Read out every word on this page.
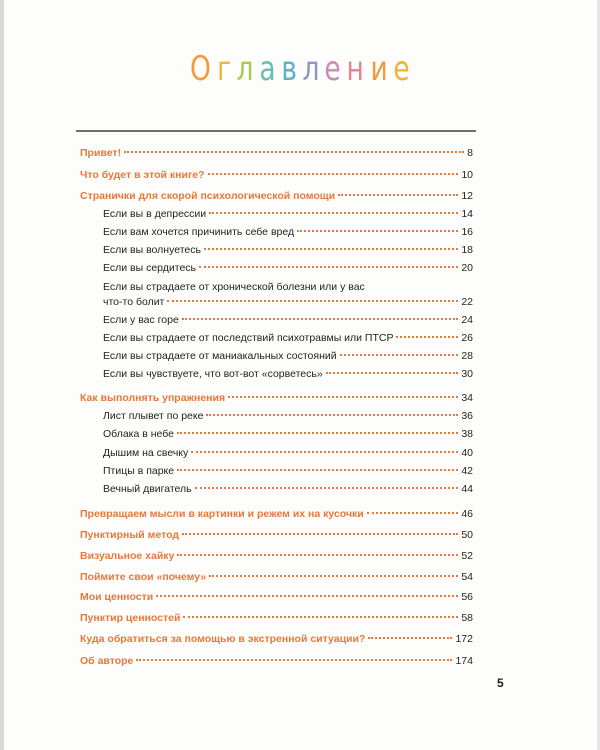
О г л а в л е н и е
Привет!	8
Что будет в этой книге?	10
Странички для скорой психологической помощи	12
Если вы в депрессии	14
Если вам хочется причинить себе вред	16
Если вы волнуетесь	18
Если вы сердитесь	20
Если вы страдаете от хронической болезни или у вас
что-то болит	22
Если у вас горе	24
Если вы страдаете от последствий психотравмы или ПТСР	26
Если вы страдаете от маниакальных состояний	28
Если вы чувствуете, что вот-вот «сорветесь»	30
Как выполнять упражнения	34
Лист плывет по реке	36
Облака в небе	38
Дышим на свечку	40
Птицы в парке	42
Вечный двигатель	44
Превращаем мысли в картинки и режем их на кусочки	46
Пунктирный метод	50
Визуальное хайку	52
Поймите свои «почему»	54
Мои ценности	56
Пунктир ценностей	58
Куда обратиться за помощью в экстренной ситуации?	172
Об авторе	174
5
